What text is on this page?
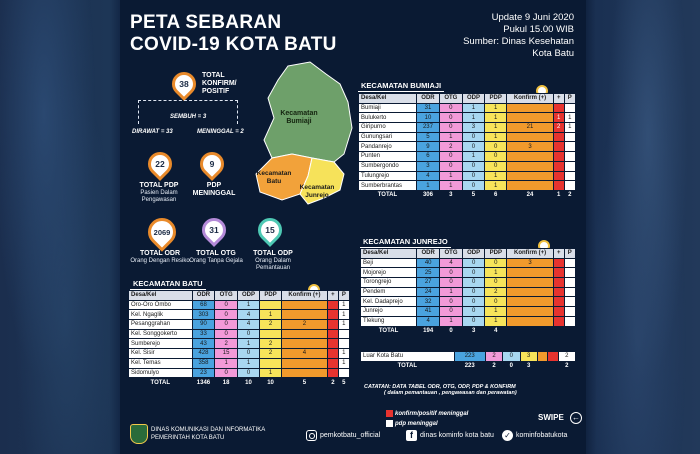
PETA SEBARAN
COVID-19 KOTA BATU
Update 9 Juni 2020
Pukul 15.00 WIB
Sumber: Dinas Kesehatan
Kota Batu
38
TOTAL KONFIRM/ POSITIF
SEMBUH = 3
DIRAWAT = 33	MENINGGAL = 2
22
TOTAL PDP
Pasien Dalam Pengawasan
9
PDP MENINGGAL
2069
TOTAL ODR
Orang Dengan Resiko
31
TOTAL OTG
Orang Tanpa Gejala
15
TOTAL ODP
Orang Dalam Pemantauan
Kecamatan Bumiaji
Kecamatan Batu
Kecamatan Junrejo
KECAMATAN BUMIAJI
Desa/Kel	ODR	OTG	ODP	PDP	Konfirm (+)	+	P
Bumiaji	31	0	1	1			
Bulukerto	10	0	1	1		1	1
Giripurno	237	0	3	1	21	2	1
Gunungsari	5	1	0	1			
Pandanrejo	9	2	0	0	3		
Punten	6	0	1	0			
Sumbergondo	3	0	0	0			
Tulungrejo	4	1	0	1			
Sumberbrantas	1	1	0	1			
TOTAL	306	3	5	6	24	1	2
KECAMATAN JUNREJO
Desa/Kel	ODR	OTG	ODP	PDP	Konfirm (+)	+	P
Beji	40	4	0	0	3		
Mojorejo	25	0	0	1			
Torongrejo	27	0	0	0			
Pendem	24	1	0	2			
Kel. Dadaprejo	32	0	0	0			
Junrejo	41	0	0	1			
Tlekung	4	1	0	1			
TOTAL	194	0	3	4			
Luar Kota Batu	223	2	0	3			2
TOTAL	223	2	0	3			2
KECAMATAN BATU
Desa/Kel	ODR	OTG	ODP	PDP	Konfirm (+)	+	P
Oro-Oro Ombo	68	0	1				1
Kel. Ngaglik	303	0	4	1			1
Pesanggrahan	90	0	4	2	2		1
Kel. Songgokerto	33	0	0				
Sumberejo	43	2	1	2			
Kel. Sisir	428	15	0	2	4		1
Kel. Temas	358	1	1				1
Sidomulyo	23	0	0	1			
TOTAL	1346	18	10	10	5	2	5
CATATAN: DATA TABEL ODR, OTG, ODP, PDP & KONFIRM
( dalam pemantauan , pengawasan dan perawatan)
konfirm/positif meninggal
pdp meninggal
SWIPE ←
DINAS KOMUNIKASI DAN INFORMATIKA
PEMERINTAH KOTA BATU	pemkotbatu_official	f	dinas kominfo kota batu ✓ kominfobatukota
